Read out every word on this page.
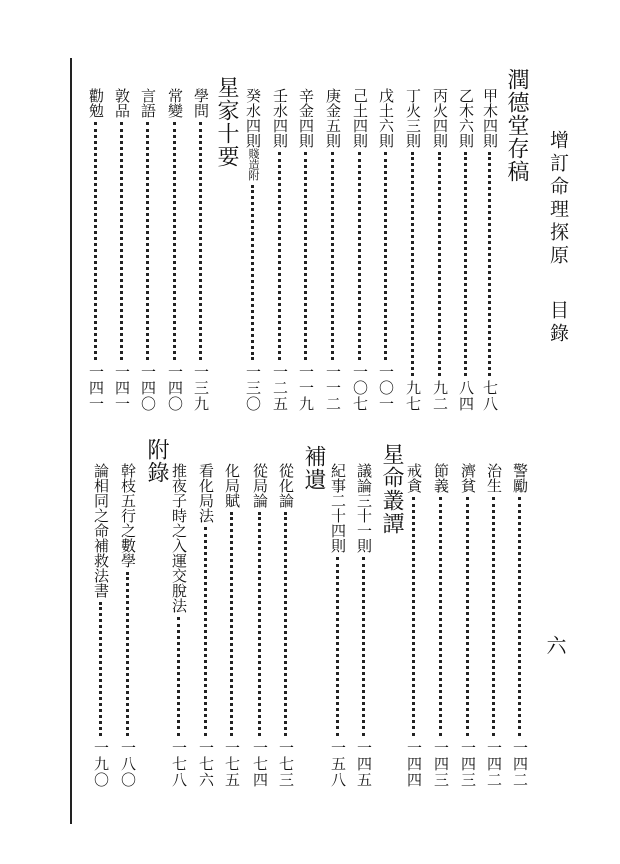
增訂命理探原
目錄
六
潤德堂存稿
星家十要	甲木四則
七八
乙木六則
八四
丙火四則
九二
丁火三則
九七
戊土六則
一〇一
己土四則
一〇七
庚金五則
一一二
辛金四則
一一九
壬水四則
一二五
癸水四則
賤造附
一三〇
學問
一三九
常變
一四〇
言語
一四〇
敦品
一四一
勸勉
一四一
星命叢譚
補遺
附錄	警勵
一四二
治生
一四二
濟貧
一四三
節義
一四三
戒貪
一四四
議論三十一則
一四五
紀事二十四則
一五八
從化論
一七三
從局論
一七四
化局賦
一七五
看化局法
一七六
推夜子時之入運交脫法
一七八
幹枝五行之數學
一八〇
論相同之命補救法書
一九〇
